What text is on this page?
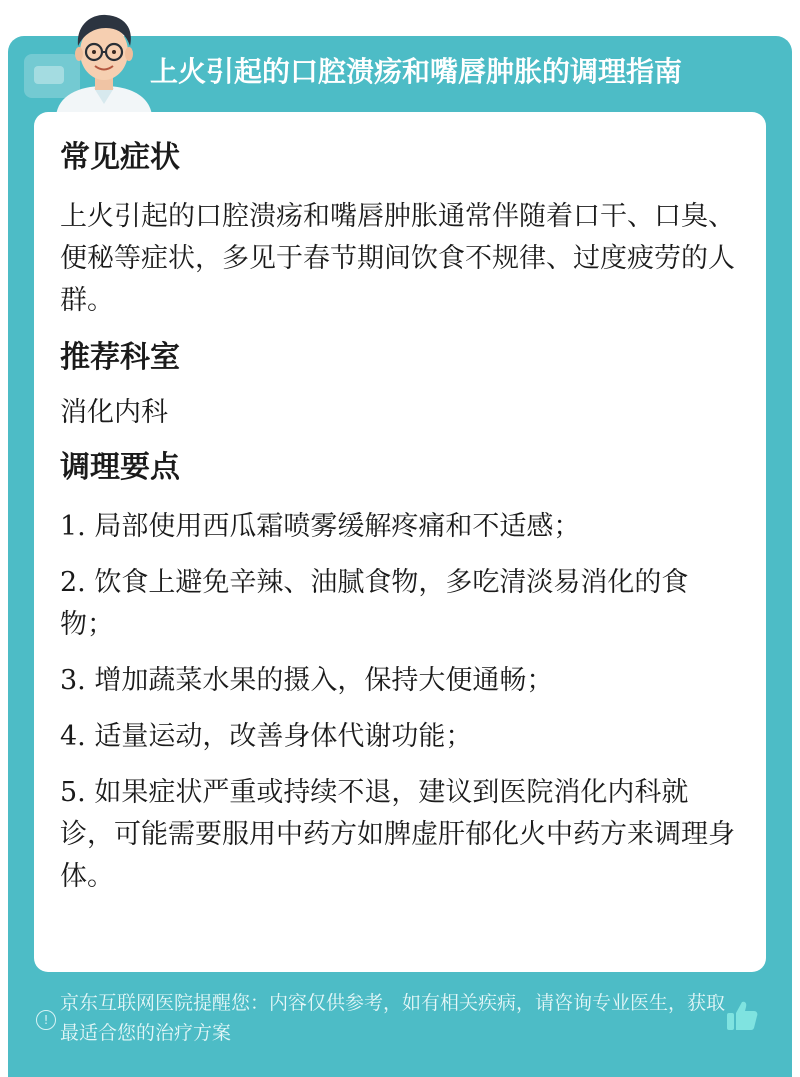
上火引起的口腔溃疡和嘴唇肿胀的调理指南
常见症状

上火引起的口腔溃疡和嘴唇肿胀通常伴随着口干、口臭、便秘等症状，多见于春节期间饮食不规律、过度疲劳的人群。

推荐科室

消化内科

调理要点

1. 局部使用西瓜霜喷雾缓解疼痛和不适感；

2. 饮食上避免辛辣、油腻食物，多吃清淡易消化的食物；

3. 增加蔬菜水果的摄入，保持大便通畅；

4. 适量运动，改善身体代谢功能；

5. 如果症状严重或持续不退，建议到医院消化内科就诊，可能需要服用中药方如脾虚肝郁化火中药方来调理身体。

!
京东互联网医院提醒您：内容仅供参考，如有相关疾病，请咨询专业医生，获取最适合您的治疗方案
